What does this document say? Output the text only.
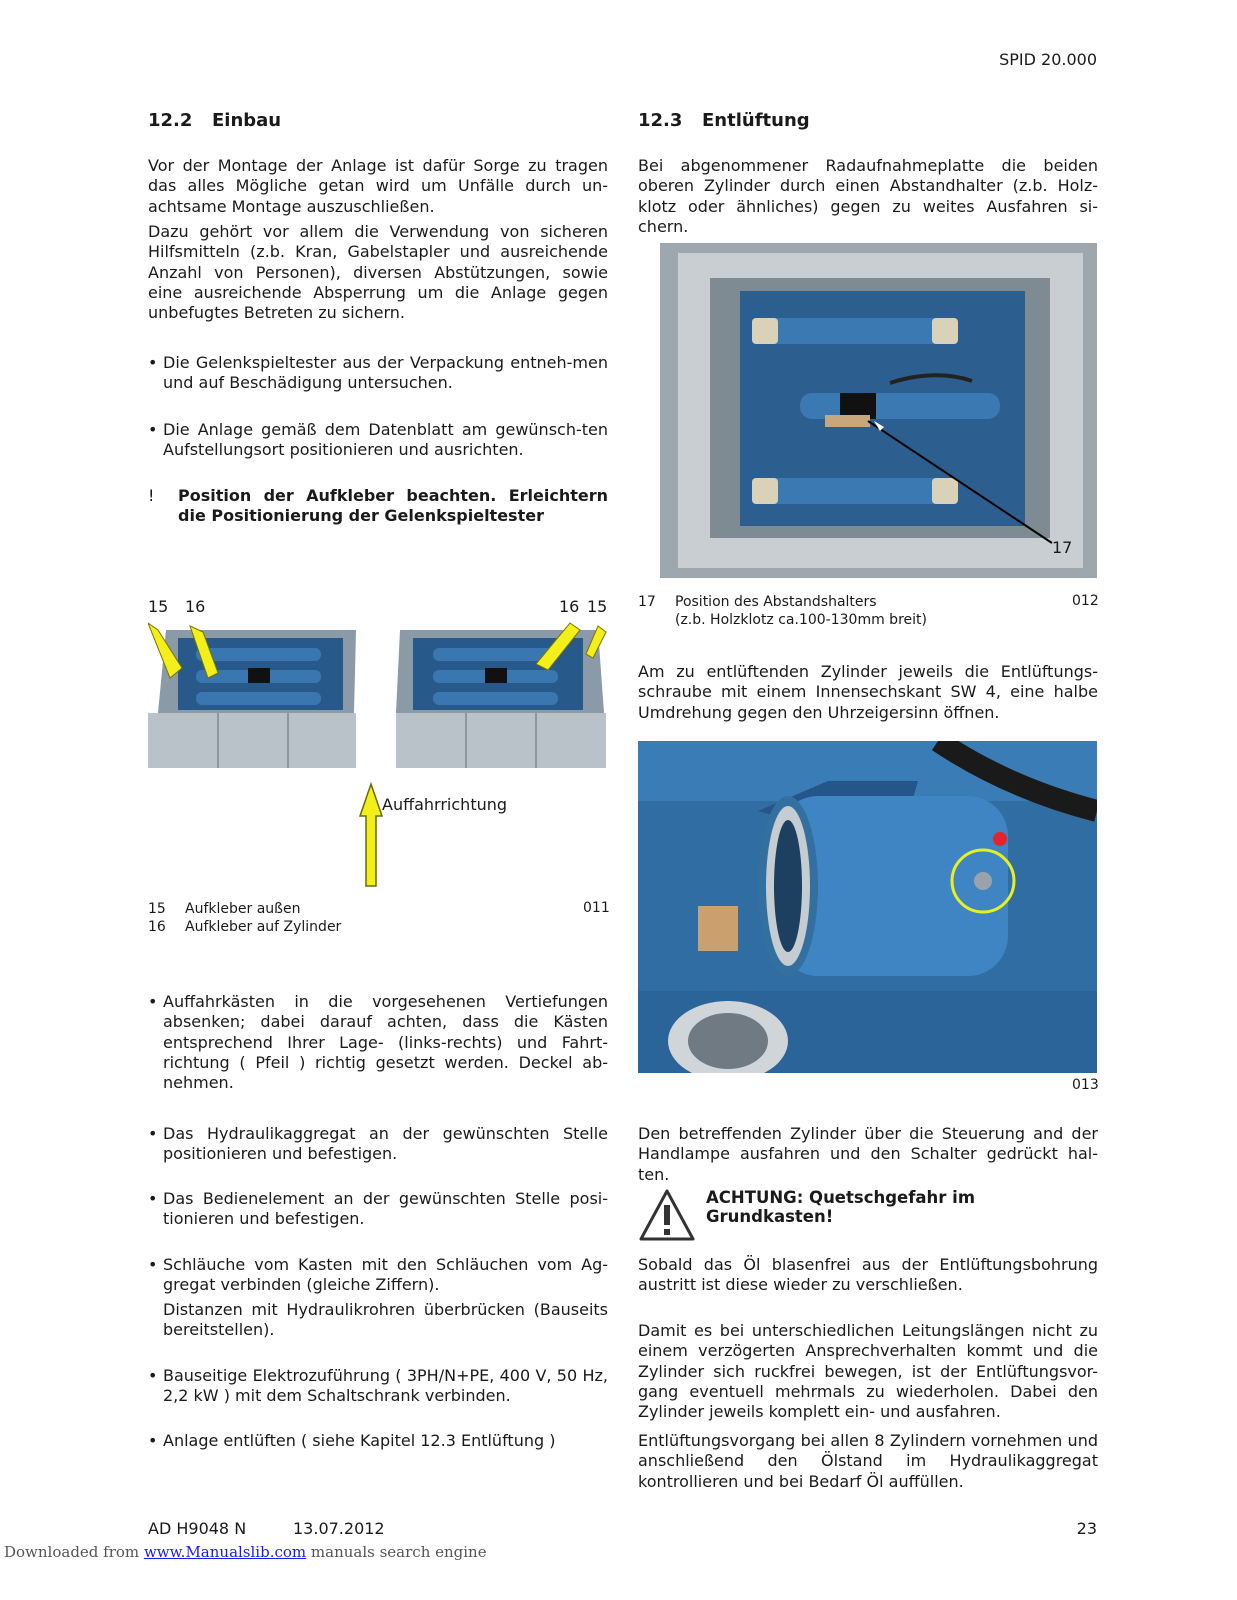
SPID 20.000
12.2	Einbau

Vor der Montage der Anlage ist dafür Sorge zu tragen das alles Mögliche getan wird um Unfälle durch un-achtsame Montage auszuschließen.

Dazu gehört vor allem die Verwendung von sicheren Hilfsmitteln (z.b. Kran, Gabelstapler und ausreichende Anzahl von Personen), diversen Abstützungen, sowie eine ausreichende Absperrung um die Anlage gegen unbefugtes Betreten zu sichern.

• Die Gelenkspieltester aus der Verpackung entneh-men und auf Beschädigung untersuchen.
• Die Anlage gemäß dem Datenblatt am gewünsch-ten Aufstellungsort positionieren und ausrichten.
!	Position der Aufkleber beachten. Erleichtern die Positionierung der Gelenkspieltester
15 16	16 15
Auffahrrichtung
15 Aufkleber außen
16 Aufkleber auf Zylinder
011
• Auffahrkästen in die vorgesehenen Vertiefungen absenken; dabei darauf achten, dass die Kästen entsprechend Ihrer Lage- (links-rechts) und Fahrt-richtung ( Pfeil ) richtig gesetzt werden. Deckel ab-nehmen.
• Das Hydraulikaggregat an der gewünschten Stelle positionieren und befestigen.
• Das Bedienelement an der gewünschten Stelle posi-tionieren und befestigen.
• Schläuche vom Kasten mit den Schläuchen vom Ag-gregat verbinden (gleiche Ziffern).

Distanzen mit Hydraulikrohren überbrücken (Bauseits bereitstellen).

• Bauseitige Elektrozuführung ( 3PH/N+PE, 400 V, 50 Hz, 2,2 kW ) mit dem Schaltschrank verbinden.
• Anlage entlüften ( siehe Kapitel 12.3 Entlüftung )
12.3	Entlüftung

Bei abgenommener Radaufnahmeplatte die beiden oberen Zylinder durch einen Abstandhalter (z.b. Holz-klotz oder ähnliches) gegen zu weites Ausfahren si-chern.

17
17 Position des Abstandshalters
(z.b. Holzklotz ca.100-130mm breit)
012

Am zu entlüftenden Zylinder jeweils die Entlüftungs-schraube mit einem Innensechskant SW 4, eine halbe Umdrehung gegen den Uhrzeigersinn öffnen.

013

Den betreffenden Zylinder über die Steuerung and der Handlampe ausfahren und den Schalter gedrückt hal-ten.

ACHTUNG: Quetschgefahr im Grundkasten!

Sobald das Öl blasenfrei aus der Entlüftungsbohrung austritt ist diese wieder zu verschließen.

Damit es bei unterschiedlichen Leitungslängen nicht zu einem verzögerten Ansprechverhalten kommt und die Zylinder sich ruckfrei bewegen, ist der Entlüftungsvor-gang eventuell mehrmals zu wiederholen. Dabei den Zylinder jeweils komplett ein- und ausfahren.

Entlüftungsvorgang bei allen 8 Zylindern vornehmen und anschließend den Ölstand im Hydraulikaggregat kontrollieren und bei Bedarf Öl auffüllen.

AD H9048 N	13.07.2012	23
Downloaded from www.Manualslib.com manuals search engine
